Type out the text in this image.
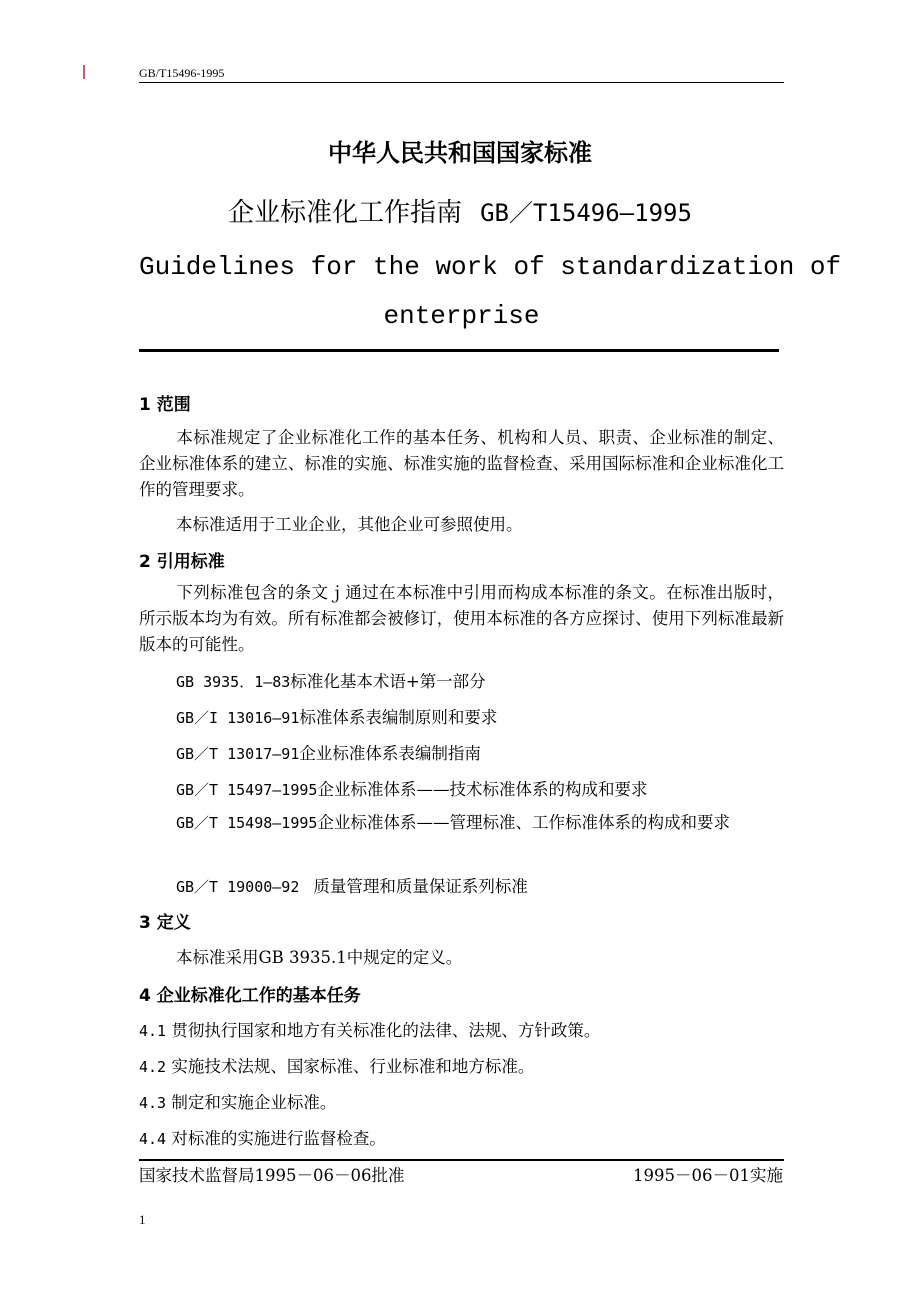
GB/T15496-1995
中华人民共和国国家标准
企业标准化工作指南 GB／T15496—1995
Guidelines for the work of standardization of
enterprise
1 范围
本标准规定了企业标准化工作的基本任务、机构和人员、职责、企业标准的制定、企业标准体系的建立、标准的实施、标准实施的监督检查、采用国际标准和企业标准化工作的管理要求。
本标准适用于工业企业，其他企业可参照使用。
2 引用标准
下列标准包含的条文ｊ通过在本标准中引用而构成本标准的条文。在标准出版时，所示版本均为有效。所有标准都会被修订，使用本标准的各方应探讨、使用下列标准最新版本的可能性。
GB 3935．1—83标准化基本术语+第一部分
GB／I 13016—91标准体系表编制原则和要求
GB／T 13017—91企业标准体系表编制指南
GB／T 15497—1995企业标准体系——技术标准体系的构成和要求
GB／T 15498—1995企业标准体系——管理标准、工作标准体系的构成和要求
GB／T 19000—92 质量管理和质量保证系列标准
3 定义
本标准采用GB 3935.1中规定的定义。
4 企业标准化工作的基本任务
4.1 贯彻执行国家和地方有关标准化的法律、法规、方针政策。
4.2 实施技术法规、国家标准、行业标准和地方标准。
4.3 制定和实施企业标准。
4.4 对标准的实施进行监督检查。
国家技术监督局1995－06－06批准	1995－06－01实施
1
